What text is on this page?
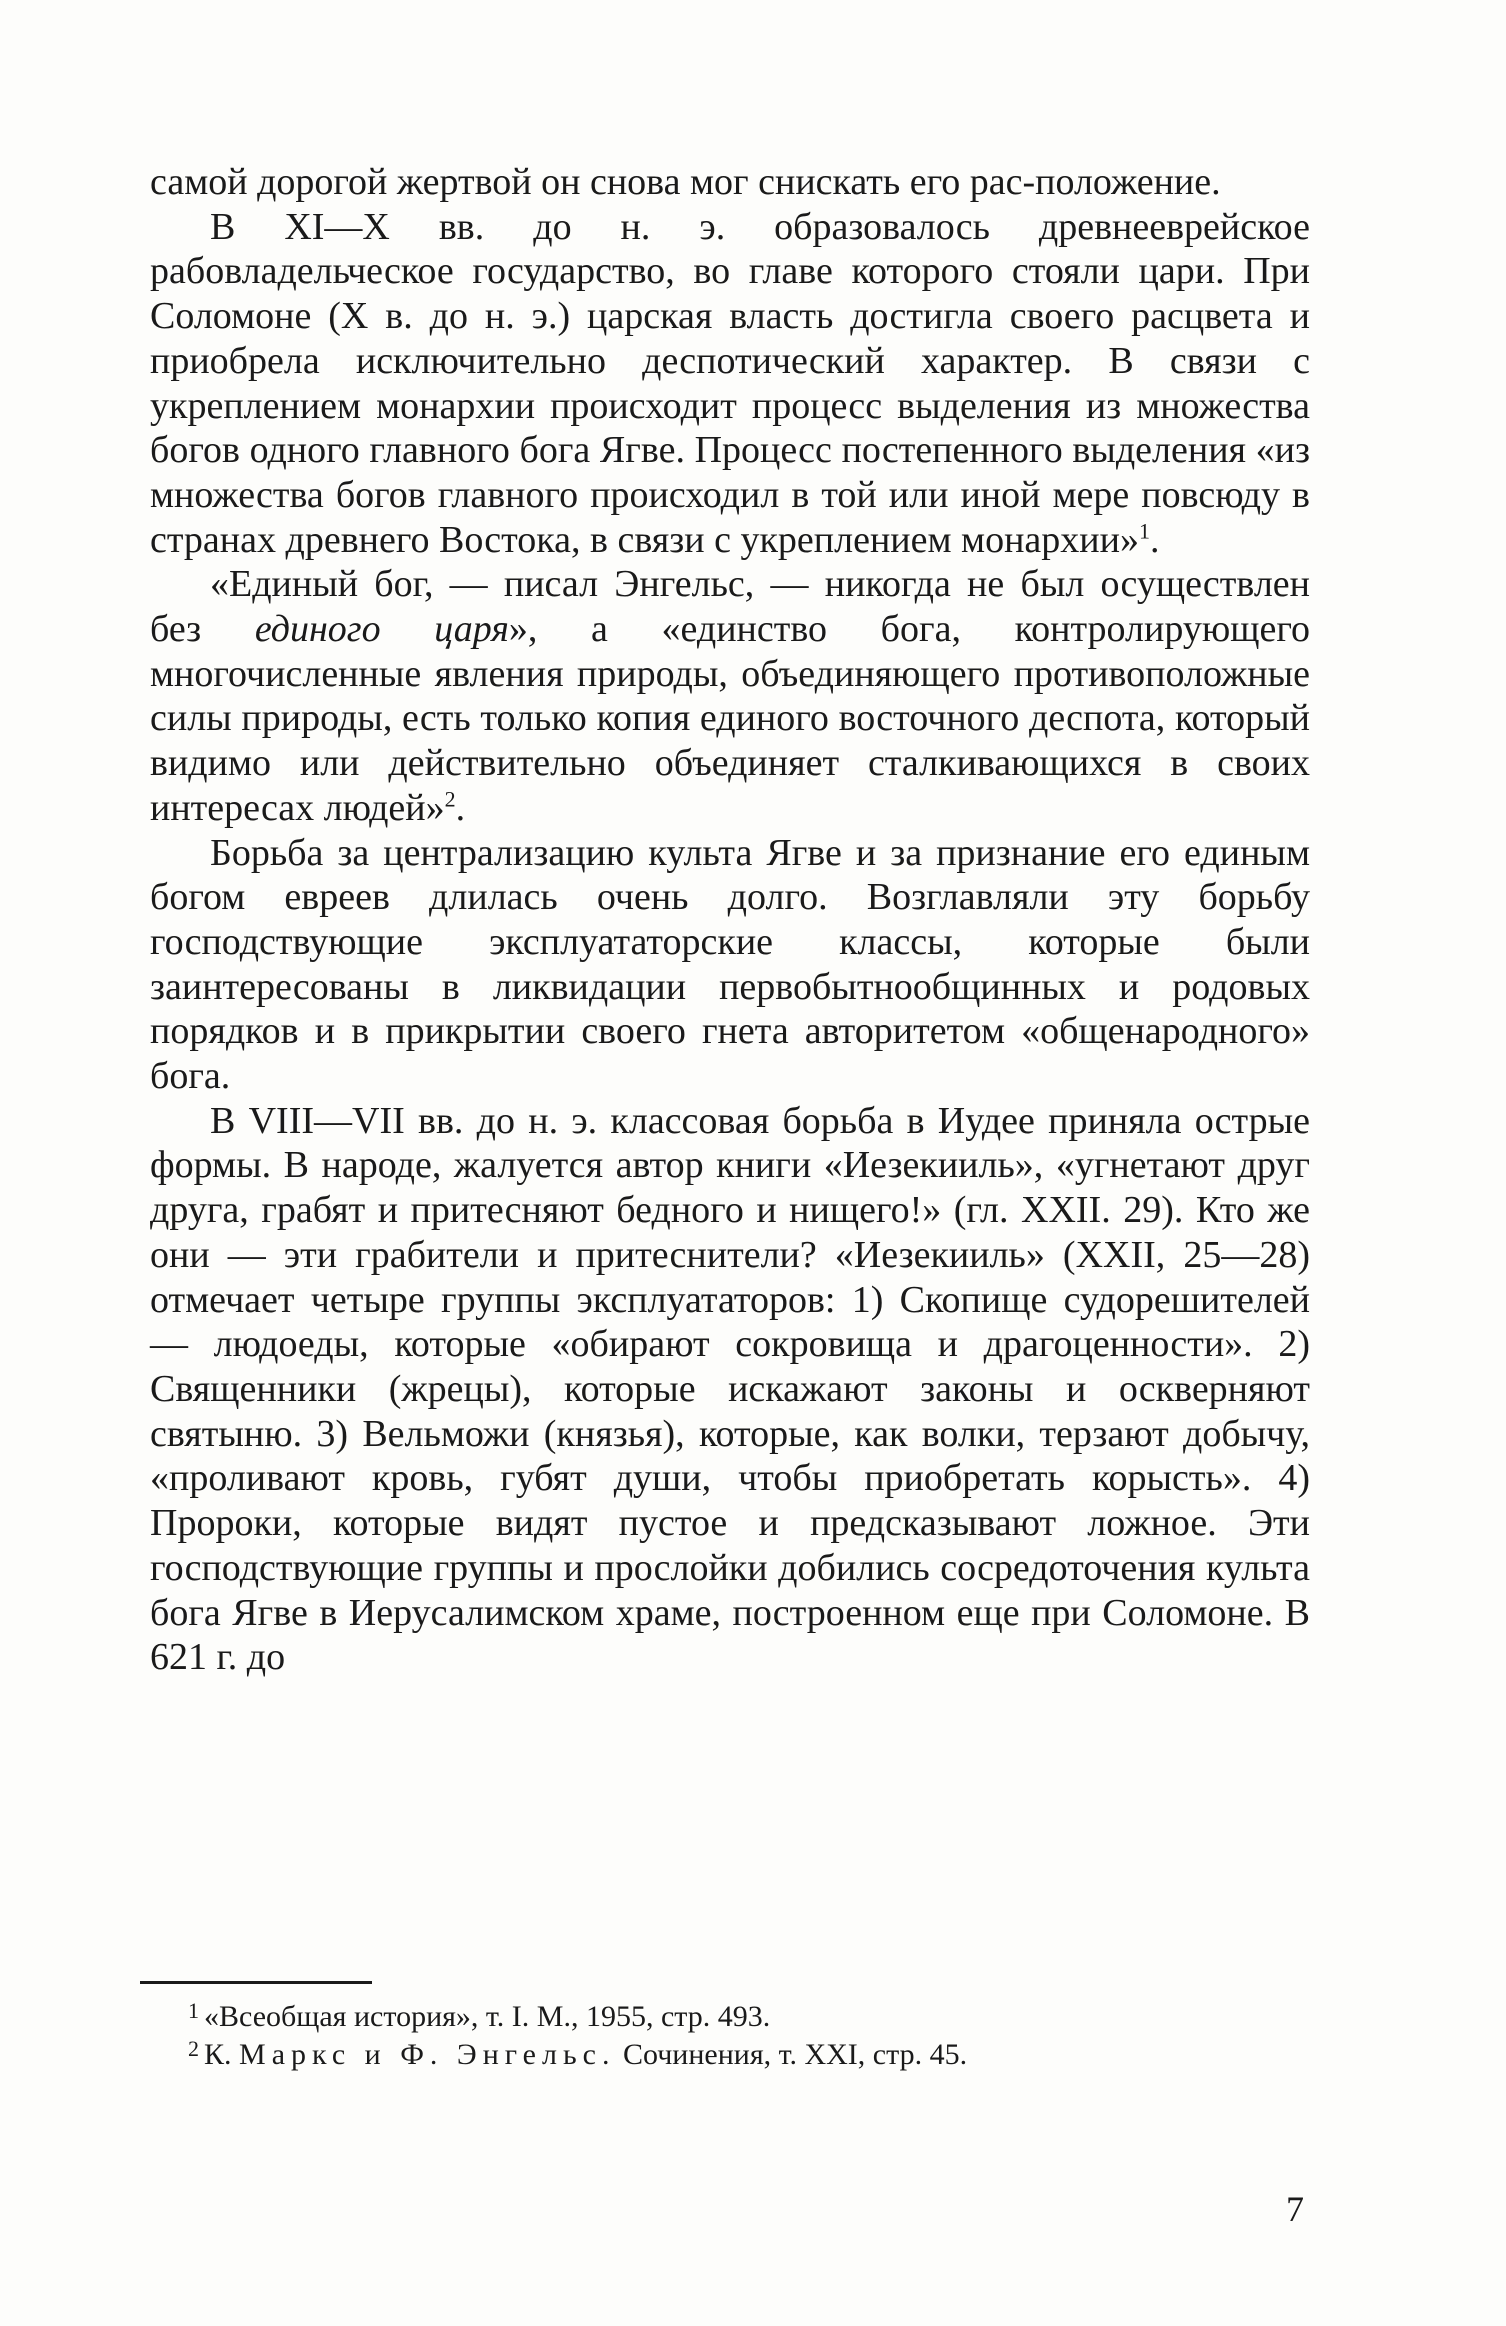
самой дорогой жертвой он снова мог снискать его рас-положение.

В XI—X вв. до н. э. образовалось древнееврейское рабовладельческое государство, во главе которого стояли цари. При Соломоне (X в. до н. э.) царская власть достигла своего расцвета и приобрела исключительно деспотический характер. В связи с укреплением монархии происходит процесс выделения из множества богов одного главного бога Ягве. Процесс постепенного выделения «из множества богов главного происходил в той или иной мере повсюду в странах древнего Востока, в связи с укреплением монархии»$^1$.

«Единый бог, — писал Энгельс, — никогда не был осуществлен без единого царя», а «единство бога, контролирующего многочисленные явления природы, объединяющего противоположные силы природы, есть только копия единого восточного деспота, который видимо или действительно объединяет сталкивающихся в своих интересах людей»$^2$.

Борьба за централизацию культа Ягве и за признание его единым богом евреев длилась очень долго. Возглавляли эту борьбу господствующие эксплуататорские классы, которые были заинтересованы в ликвидации первобытнообщинных и родовых порядков и в прикрытии своего гнета авторитетом «общенародного» бога.

В VIII—VII вв. до н. э. классовая борьба в Иудее приняла острые формы. В народе, жалуется автор книги «Иезекииль», «угнетают друг друга, грабят и притесняют бедного и нищего!» (гл. XXII. 29). Кто же они — эти грабители и притеснители? «Иезекииль» (XXII, 25—28) отмечает четыре группы эксплуататоров: 1) Скопище судорешителей — людоеды, которые «обирают сокровища и драгоценности». 2) Священники (жрецы), которые искажают законы и оскверняют святыню. 3) Вельможи (князья), которые, как волки, терзают добычу, «проливают кровь, губят души, чтобы приобретать корысть». 4) Пророки, которые видят пустое и предсказывают ложное. Эти господствующие группы и прослойки добились сосредоточения культа бога Ягве в Иерусалимском храме, построенном еще при Соломоне. В 621 г. до

1 «Всеобщая история», т. I. М., 1955, стр. 493.

2 К. Маркс и Ф. Энгельс. Сочинения, т. XXI, стр. 45.

7
